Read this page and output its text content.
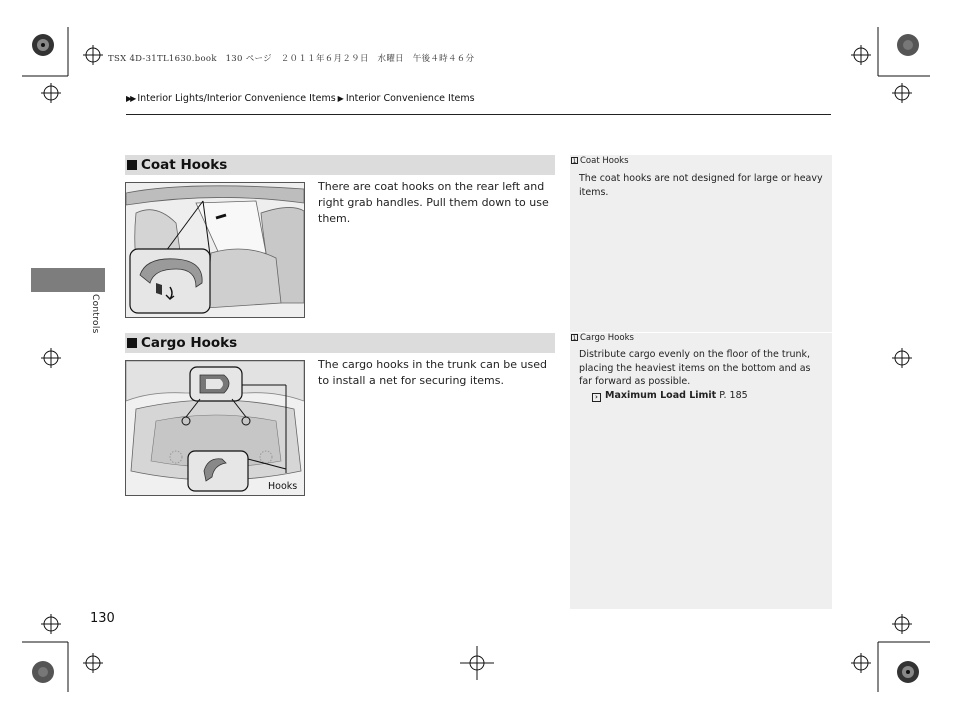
TSX 4D-31TL1630.book　130 ページ　２０１１年６月２９日　水曜日　午後４時４６分
▶▶ Interior Lights/Interior Convenience Items ▶ Interior Convenience Items
Controls
1 Coat Hooks
The coat hooks are not designed for large or heavy items.
1 Cargo Hooks
Distribute cargo evenly on the floor of the trunk, placing the heaviest items on the bottom and as far forward as possible.
› Maximum Load Limit P. 185
Coat Hooks
There are coat hooks on the rear left and right grab handles. Pull them down to use them.
Cargo Hooks
Hooks
The cargo hooks in the trunk can be used to install a net for securing items.
130
